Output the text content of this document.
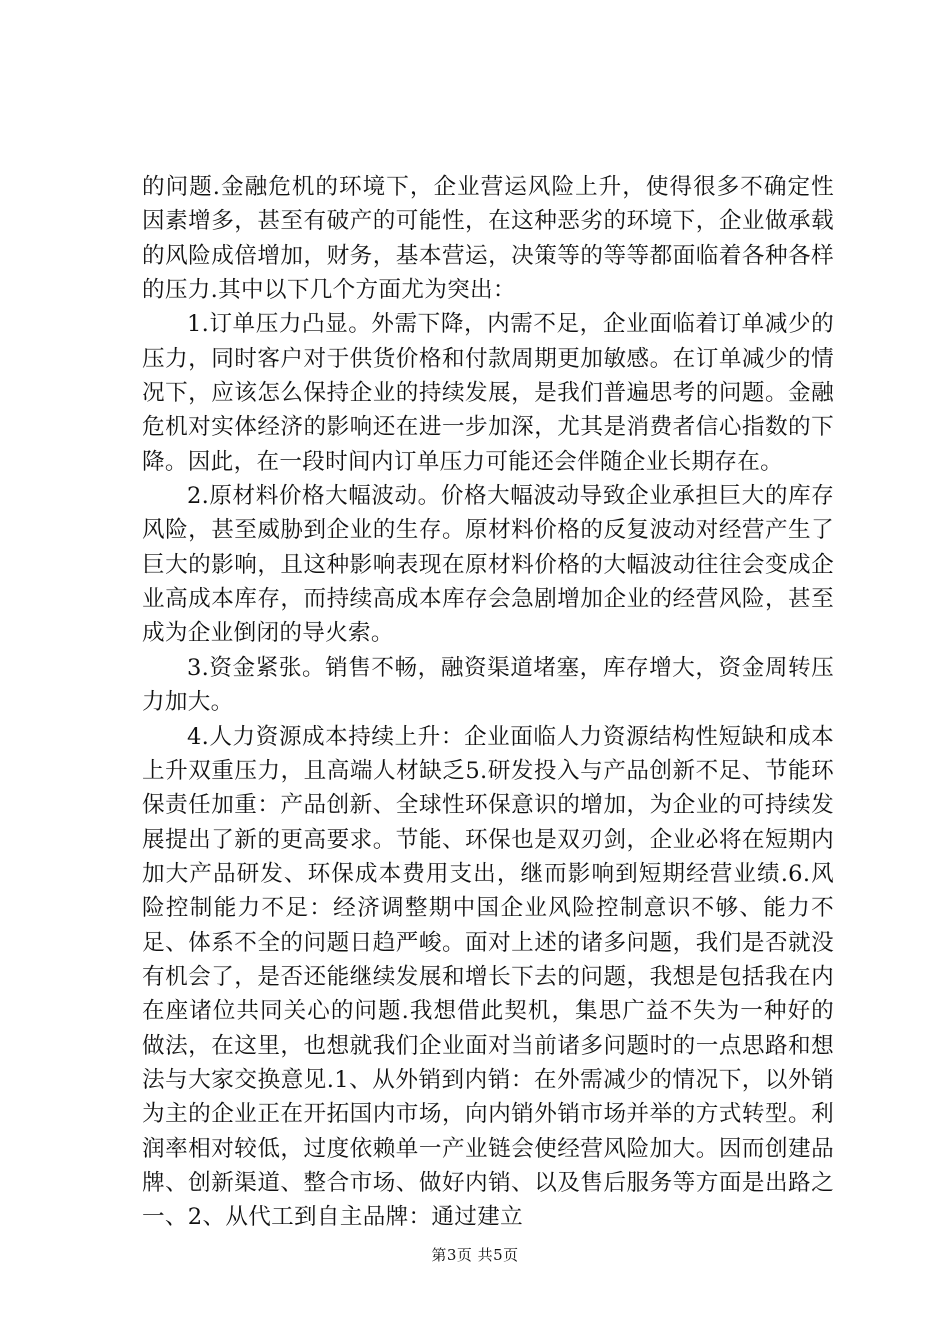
的问题.金融危机的环境下，企业营运风险上升，使得很多不确定性因素增多，甚至有破产的可能性，在这种恶劣的环境下，企业做承载的风险成倍增加，财务，基本营运，决策等的等等都面临着各种各样的压力.其中以下几个方面尤为突出：

1.订单压力凸显。外需下降，内需不足，企业面临着订单减少的压力，同时客户对于供货价格和付款周期更加敏感。在订单减少的情况下，应该怎么保持企业的持续发展，是我们普遍思考的问题。金融危机对实体经济的影响还在进一步加深，尤其是消费者信心指数的下降。因此，在一段时间内订单压力可能还会伴随企业长期存在。

2.原材料价格大幅波动。价格大幅波动导致企业承担巨大的库存风险，甚至威胁到企业的生存。原材料价格的反复波动对经营产生了巨大的影响，且这种影响表现在原材料价格的大幅波动往往会变成企业高成本库存，而持续高成本库存会急剧增加企业的经营风险，甚至成为企业倒闭的导火索。

3.资金紧张。销售不畅，融资渠道堵塞，库存增大，资金周转压力加大。

4.人力资源成本持续上升：企业面临人力资源结构性短缺和成本上升双重压力，且高端人材缺乏5.研发投入与产品创新不足、节能环保责任加重：产品创新、全球性环保意识的增加，为企业的可持续发展提出了新的更高要求。节能、环保也是双刃剑，企业必将在短期内加大产品研发、环保成本费用支出，继而影响到短期经营业绩.6.风险控制能力不足：经济调整期中国企业风险控制意识不够、能力不足、体系不全的问题日趋严峻。面对上述的诸多问题，我们是否就没有机会了，是否还能继续发展和增长下去的问题，我想是包括我在内在座诸位共同关心的问题.我想借此契机，集思广益不失为一种好的做法，在这里，也想就我们企业面对当前诸多问题时的一点思路和想法与大家交换意见.1、从外销到内销：在外需减少的情况下，以外销为主的企业正在开拓国内市场，向内销外销市场并举的方式转型。利润率相对较低，过度依赖单一产业链会使经营风险加大。因而创建品牌、创新渠道、整合市场、做好内销、以及售后服务等方面是出路之一、2、从代工到自主品牌：通过建立

第3页 共5页
